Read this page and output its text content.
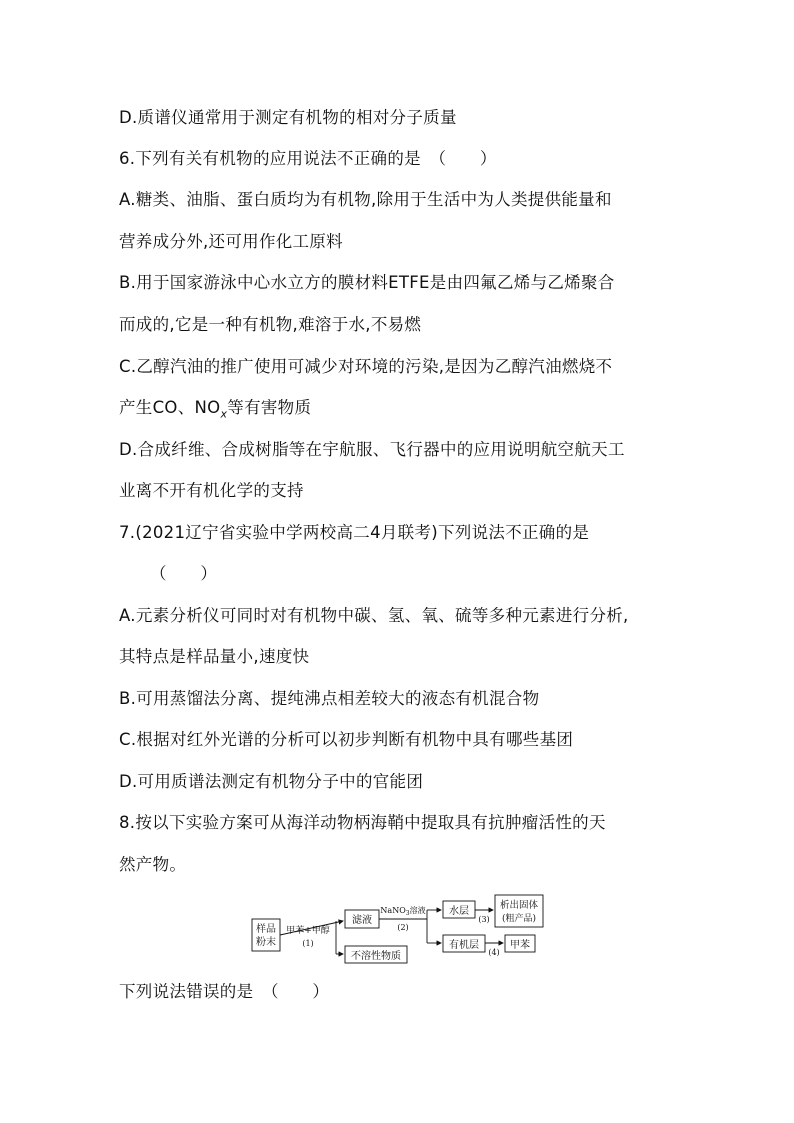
D.质谱仪通常用于测定有机物的相对分子质量
6.下列有关有机物的应用说法不正确的是　（　　）
A.糖类、油脂、蛋白质均为有机物,除用于生活中为人类提供能量和
营养成分外,还可用作化工原料
B.用于国家游泳中心水立方的膜材料ETFE是由四氟乙烯与乙烯聚合
而成的,它是一种有机物,难溶于水,不易燃
C.乙醇汽油的推广使用可减少对环境的污染,是因为乙醇汽油燃烧不
产生CO、$NO_x$等有害物质
D.合成纤维、合成树脂等在宇航服、飞行器中的应用说明航空航天工
业离不开有机化学的支持
7.(2021辽宁省实验中学两校高二4月联考)下列说法不正确的是
（　　）
A.元素分析仪可同时对有机物中碳、氢、氧、硫等多种元素进行分析,
其特点是样品量小,速度快
B.可用蒸馏法分离、提纯沸点相差较大的液态有机混合物
C.根据对红外光谱的分析可以初步判断有机物中具有哪些基团
D.可用质谱法测定有机物分子中的官能团
8.按以下实验方案可从海洋动物柄海鞘中提取具有抗肿瘤活性的天
然产物。
样品
粉末
甲苯+甲醇
(1)
滤液
不溶性物质
NaNO$_3$溶液
(2)
水层
(3)
析出固体
(粗产品)
有机层
(4)
甲苯
下列说法错误的是　（　　）
